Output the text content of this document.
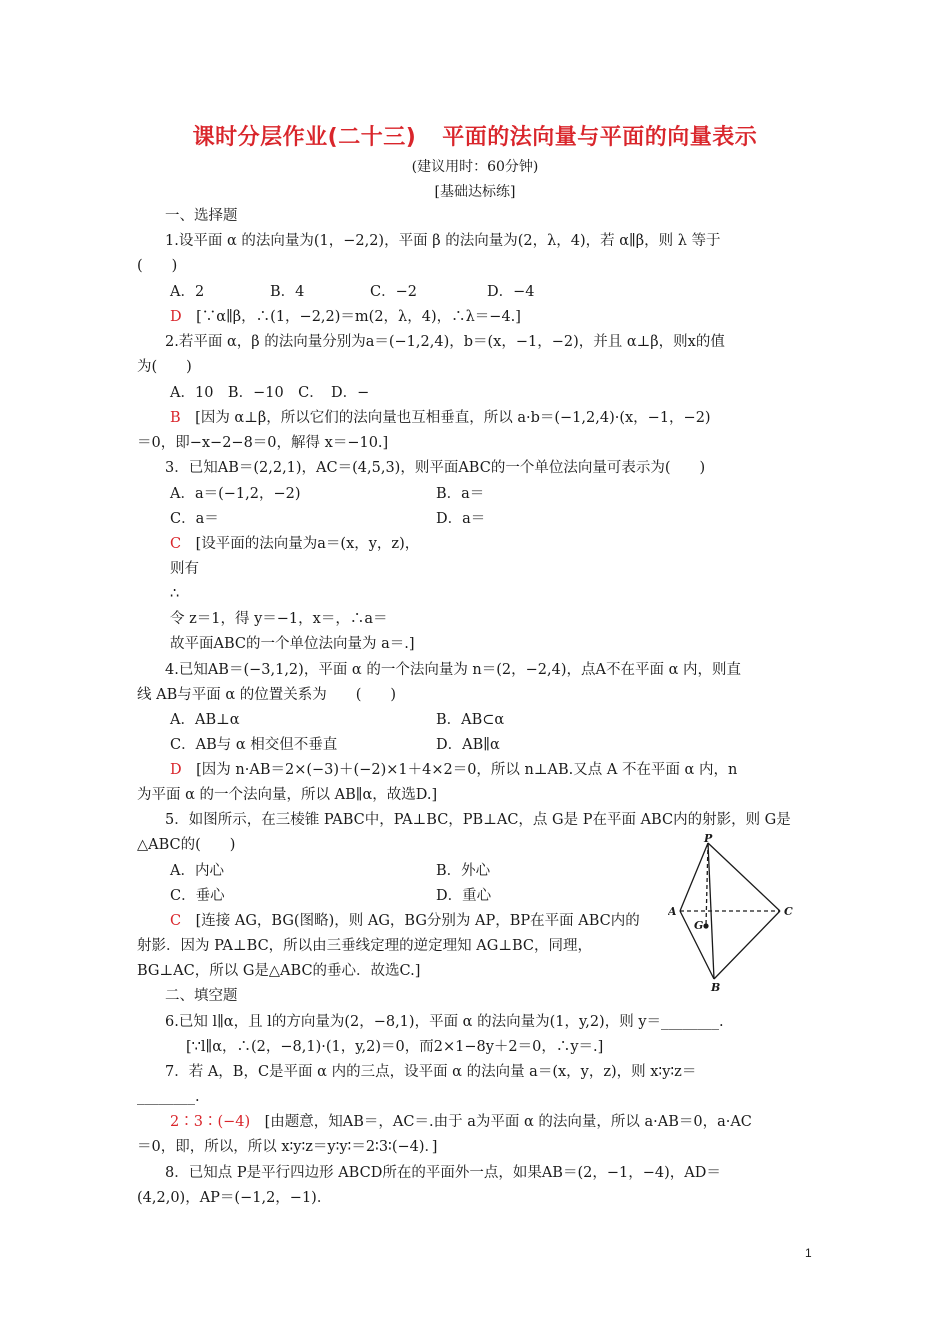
课时分层作业(二十三) 平面的法向量与平面的向量表示
(建议用时：60分钟)
[基础达标练]
一、选择题
1.设平面 α 的法向量为(1，−2,2)，平面 β 的法向量为(2，λ，4)，若 α∥β，则 λ 等于
(　　)
A．2	B．4	C．−2	D．−4
D　 [∵α∥β，∴(1，−2,2)＝m(2，λ，4)，∴λ＝−4.]
2.若平面 α，β 的法向量分别为a＝(−1,2,4)，b＝(x，−1，−2)，并且 α⊥β，则x的值
为(　　)
A．10　B．−10　C．　D．−
B　 [因为 α⊥β，所以它们的法向量也互相垂直，所以 a·b＝(−1,2,4)·(x，−1，−2)
＝0，即−x−2−8＝0，解得 x＝−10.]
3．已知AB＝(2,2,1)，AC＝(4,5,3)，则平面ABC的一个单位法向量可表示为(　　)
A．a＝(−1,2，−2)	B．a＝
C．a＝	D．a＝
C　 [设平面的法向量为a＝(x，y，z)，
则有
∴
令 z＝1，得 y＝−1，x＝，∴a＝
故平面ABC的一个单位法向量为 a＝.]
4.已知AB＝(−3,1,2)，平面 α 的一个法向量为 n＝(2，−2,4)，点A不在平面 α 内，则直
线 AB与平面 α 的位置关系为　　(　　)
A．AB⊥α	B．AB⊂α
C．AB与 α 相交但不垂直	D．AB∥α
D　 [因为 n·AB＝2×(−3)＋(−2)×1＋4×2＝0，所以 n⊥AB.又点 A 不在平面 α 内，n
为平面 α 的一个法向量，所以 AB∥α，故选D.]
5．如图所示，在三棱锥 PABC中，PA⊥BC，PB⊥AC，点 G是 P在平面 ABC内的射影，则 G是
△ABC的(　　)
A．内心	B．外心
C．垂心	D．重心
C　 [连接 AG，BG(图略)，则 AG，BG分别为 AP，BP在平面 ABC内的
射影．因为 PA⊥BC，所以由三垂线定理的逆定理知 AG⊥BC，同理，
BG⊥AC，所以 G是△ABC的垂心．故选C.]
P
A
B
C
G
二、填空题
6.已知 l∥α，且 l的方向量为(2，−8,1)，平面 α 的法向量为(1，y,2)，则 y＝________.
[∵l∥α，∴(2，−8,1)·(1，y,2)＝0，而2×1−8y＋2＝0，∴y＝.]
7．若 A，B，C是平面 α 内的三点，设平面 α 的法向量 a＝(x，y，z)，则 x∶y∶z＝
________.
2∶3∶(−4)　 [由题意，知AB＝，AC＝.由于 a为平面 α 的法向量，所以 a·AB＝0，a·AC
＝0，即，所以，所以 x∶y∶z＝y∶y∶＝2∶3∶(−4)．]
8．已知点 P是平行四边形 ABCD所在的平面外一点，如果AB＝(2，−1，−4)，AD＝
(4,2,0)，AP＝(−1,2，−1)．
1
